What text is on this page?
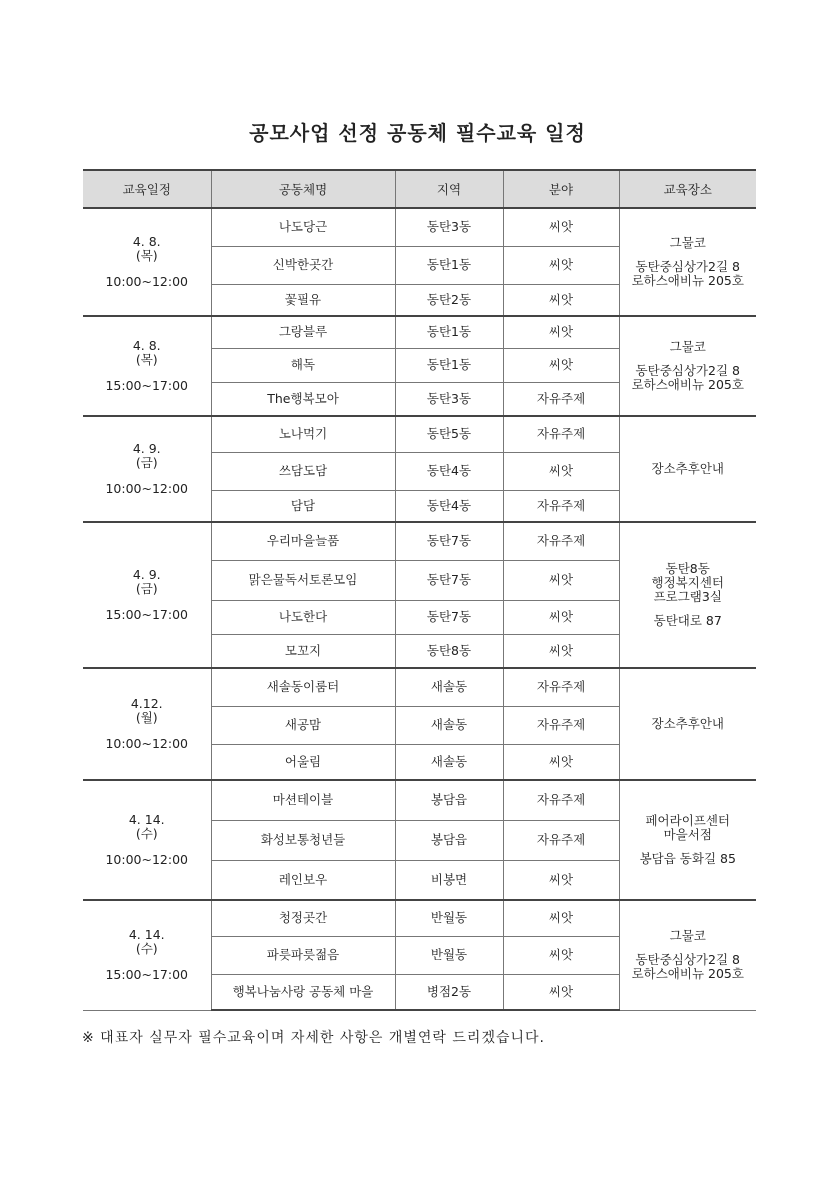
공모사업 선정 공동체 필수교육 일정
교육일정	공동체명	지역	분야	교육장소

4. 8.
(목)
10:00~12:00	나도당근	동탄3동	씨앗	그물코
동탄중심상가2길 8
로하스애비뉴 205호

	신박한곳간	동탄1동	씨앗	
	꽃필유	동탄2동	씨앗	

4. 8.
(목)
15:00~17:00	그랑블루	동탄1동	씨앗	그물코
동탄중심상가2길 8
로하스애비뉴 205호

	해독	동탄1동	씨앗	
	The행복모아	동탄3동	자유주제	

4. 9.
(금)
10:00~12:00	노나먹기	동탄5동	자유주제	장소추후안내

	쓰담도담	동탄4동	씨앗	
	담담	동탄4동	자유주제	

4. 9.
(금)
15:00~17:00	우리마을늘품	동탄7동	자유주제	동탄8동
행정복지센터
프로그램3실
동탄대로 87

	맑은물독서토론모임	동탄7동	씨앗	
	나도한다	동탄7동	씨앗	
	모꼬지	동탄8동	씨앗	

4.12.
(월)
10:00~12:00	새솔동이룸터	새솔동	자유주제	장소추후안내

	새공맘	새솔동	자유주제	
	어울림	새솔동	씨앗	

4. 14.
(수)
10:00~12:00	마션테이블	봉담읍	자유주제	페어라이프센터
마을서점
봉담읍 동화길 85

	화성보통청년들	봉담읍	자유주제	
	레인보우	비봉면	씨앗	

4. 14.
(수)
15:00~17:00	청정곳간	반월동	씨앗	그물코
동탄중심상가2길 8
로하스애비뉴 205호

	파릇파릇젊음	반월동	씨앗	
	행복나눔사랑 공동체 마을	병점2동	씨앗	
※ 대표자 실무자 필수교육이며 자세한 사항은 개별연락 드리겠습니다.
